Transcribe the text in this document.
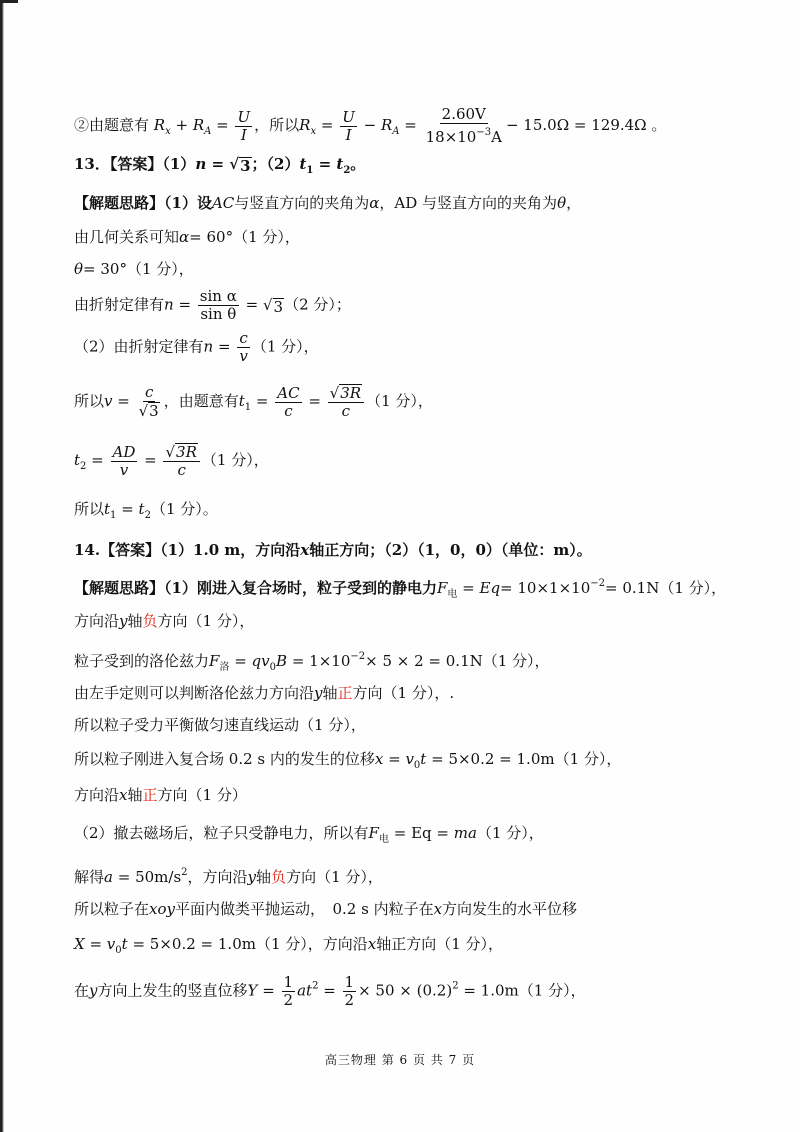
②由题意有 $R_x + R_A = \frac{U}{I}$ ，所以$R_x = \frac{U}{I} - R_A = \frac{2.60V}{18\times 10^{-3}A} - 15.0\Omega = 129.4\Omega$ 。
13．【答案】（1）n = √ 3 ；$(2)t_1 = t_2$。
【解题思路】（1）设AC与竖直方向的夹角为α，AD 与竖直方向的夹角为θ，
由几何关系可知α= 60°（1 分），
θ= 30°（1 分），
由折射定律有$n = \frac{\text{sin α}}{\text{sin θ}}$ = √ 3 （2 分）；
（2）由折射定律有$n = \frac{c}{v} (1$ 分），
所以$v = \frac{c}{√ 3}$ ，由题意有$t_1 = \frac{AC}{c} = \frac{√ 3R}{c} (1$ 分），
$t_2 = \frac{AD}{v} = \frac{√ 3R}{c} (1$ 分），
所以$t_1 = t_2(1$ 分）。
14.【答案】（1）1.0 m，方向沿x轴正方向；（2）（1，0，0）（单位：m）。
【解题思路】（1）刚进入复合场时，粒子受到的静电力$F_电 = Eq= 10\times 1\times 10^{-2}= 0.1N(1$ 分），
方向沿y轴负方向（1 分），
粒子受到的洛伦兹力$F_洛 = qv_0B = 1\times 10^{-2}\times 5 \times 2 = 0.1N(1$ 分），
由左手定则可以判断洛伦兹力方向沿y轴正方向（1 分），.
所以粒子受力平衡做匀速直线运动（1 分），
所以粒子刚进入复合场 0.2 s 内的发生的位移$x = v_0t = 5\times 0.2 = 1.0m(1$ 分），
方向沿x轴正方向（1 分）
（2）撤去磁场后，粒子只受静电力，所以有$F_电 = Eq = ma(1$ 分），
解得$a = 50m/s^2$，方向沿y轴负方向（1 分），
所以粒子在xoy平面内做类平抛运动，　0.2 s 内粒子在x方向发生的水平位移
$X = v_0t = 5\times 0.2 = 1.0m(1$ 分），方向沿x轴正方向（1 分），
在y方向上发生的竖直位移$Y = \frac{1}{2} at^2 = \frac{1}{2} \times 50 \times (0.2)^2 = 1.0m(1$ 分），
高三物理 第 6 页 共 7 页
